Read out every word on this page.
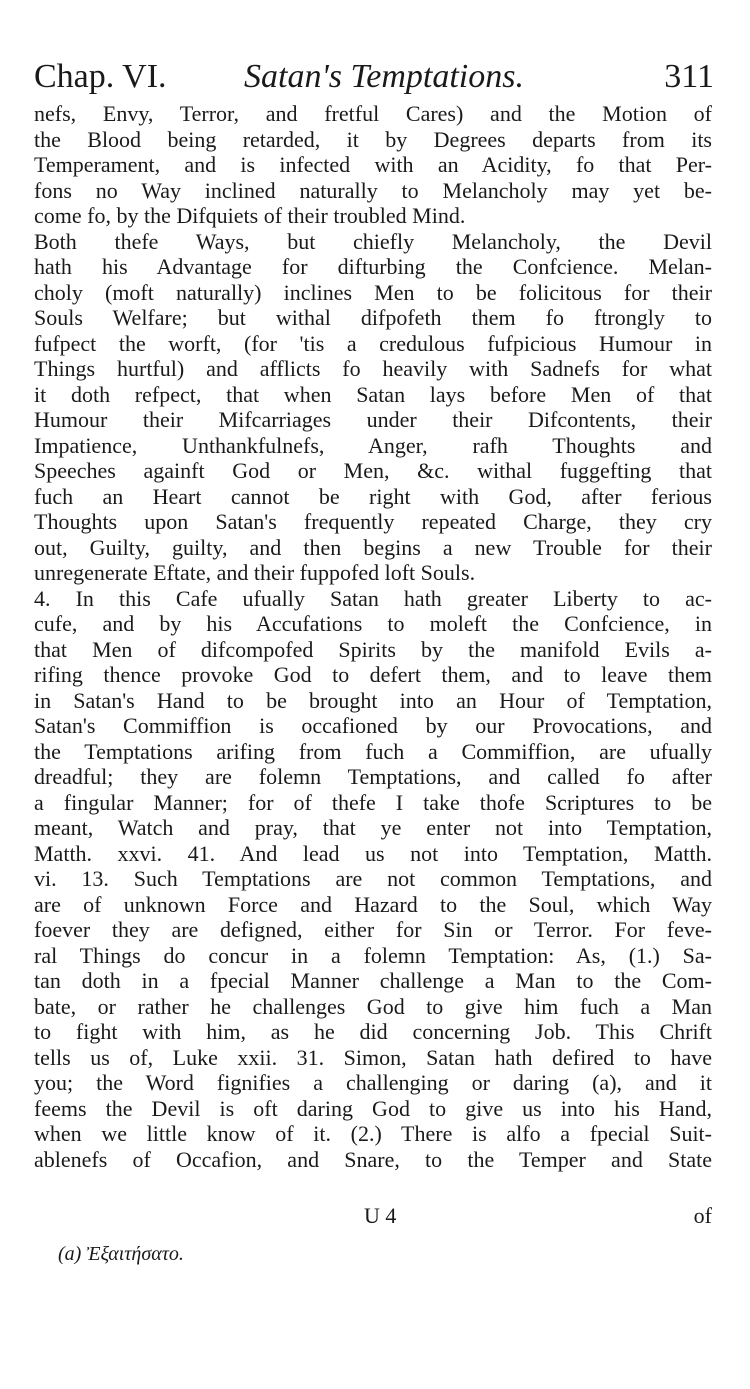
Chap. VI. Satan's Temptations.	311
nefs, Envy, Terror, and fretful Cares) and the Motion of
the Blood being retarded, it by Degrees departs from its
Temperament, and is infected with an Acidity, fo that Per-
fons no Way inclined naturally to Melancholy may yet be-
come fo, by the Difquiets of their troubled Mind.
Both thefe Ways, but chiefly Melancholy, the Devil
hath his Advantage for difturbing the Confcience. Melan-
choly (moft naturally) inclines Men to be folicitous for their
Souls Welfare; but withal difpofeth them fo ftrongly to
fufpect the worft, (for 'tis a credulous fufpicious Humour in
Things hurtful) and afflicts fo heavily with Sadnefs for what
it doth refpect, that when Satan lays before Men of that
Humour their Mifcarriages under their Difcontents, their
Impatience, Unthankfulnefs, Anger, rafh Thoughts and
Speeches againft God or Men, &c. withal fuggefting that
fuch an Heart cannot be right with God, after ferious
Thoughts upon Satan's frequently repeated Charge, they cry
out, Guilty, guilty, and then begins a new Trouble for their
unregenerate Eftate, and their fuppofed loft Souls.
4. In this Cafe ufually Satan hath greater Liberty to ac-
cufe, and by his Accufations to moleft the Confcience, in
that Men of difcompofed Spirits by the manifold Evils a-
rifing thence provoke God to defert them, and to leave them
in Satan's Hand to be brought into an Hour of Temptation,
Satan's Commiffion is occafioned by our Provocations, and
the Temptations arifing from fuch a Commiffion, are ufually
dreadful; they are folemn Temptations, and called fo after
a fingular Manner; for of thefe I take thofe Scriptures to be
meant, Watch and pray, that ye enter not into Temptation,
Matth. xxvi. 41. And lead us not into Temptation, Matth.
vi. 13. Such Temptations are not common Temptations, and
are of unknown Force and Hazard to the Soul, which Way
foever they are defigned, either for Sin or Terror. For feve-
ral Things do concur in a folemn Temptation: As, (1.) Sa-
tan doth in a fpecial Manner challenge a Man to the Com-
bate, or rather he challenges God to give him fuch a Man
to fight with him, as he did concerning Job. This Chrift
tells us of, Luke xxii. 31. Simon, Satan hath defired to have
you; the Word fignifies a challenging or daring (a), and it
feems the Devil is oft daring God to give us into his Hand,
when we little know of it. (2.) There is alfo a fpecial Suit-
ablenefs of Occafion, and Snare, to the Temper and State
U 4	of
(a) Ἐξαιτήσατο.
